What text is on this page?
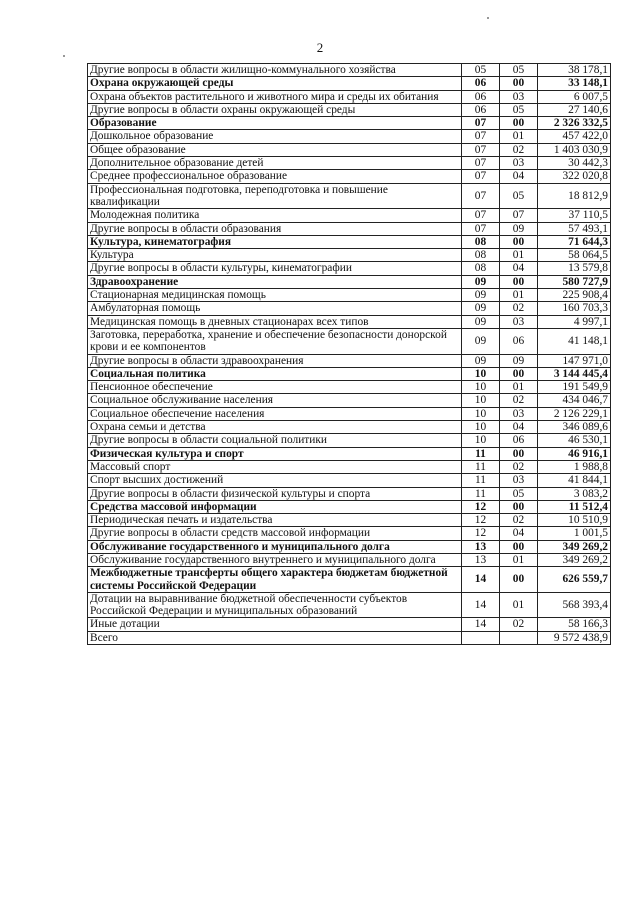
2
Другие вопросы в области жилищно-коммунального хозяйства	05	05	38 178,1
Охрана окружающей среды	06	00	33 148,1
Охрана объектов растительного и животного мира и среды их обитания	06	03	6 007,5
Другие вопросы в области охраны окружающей среды	06	05	27 140,6
Образование	07	00	2 326 332,5
Дошкольное образование	07	01	457 422,0
Общее образование	07	02	1 403 030,9
Дополнительное образование детей	07	03	30 442,3
Среднее профессиональное образование	07	04	322 020,8
Профессиональная подготовка, переподготовка и повышение квалификации	07	05	18 812,9
Молодежная политика	07	07	37 110,5
Другие вопросы в области образования	07	09	57 493,1
Культура, кинематография	08	00	71 644,3
Культура	08	01	58 064,5
Другие вопросы в области культуры, кинематографии	08	04	13 579,8
Здравоохранение	09	00	580 727,9
Стационарная медицинская помощь	09	01	225 908,4
Амбулаторная помощь	09	02	160 703,3
Медицинская помощь в дневных стационарах всех типов	09	03	4 997,1
Заготовка, переработка, хранение и обеспечение безопасности донорской крови и ее компонентов	09	06	41 148,1
Другие вопросы в области здравоохранения	09	09	147 971,0
Социальная политика	10	00	3 144 445,4
Пенсионное обеспечение	10	01	191 549,9
Социальное обслуживание населения	10	02	434 046,7
Социальное обеспечение населения	10	03	2 126 229,1
Охрана семьи и детства	10	04	346 089,6
Другие вопросы в области социальной политики	10	06	46 530,1
Физическая культура и спорт	11	00	46 916,1
Массовый спорт	11	02	1 988,8
Спорт высших достижений	11	03	41 844,1
Другие вопросы в области физической культуры и спорта	11	05	3 083,2
Средства массовой информации	12	00	11 512,4
Периодическая печать и издательства	12	02	10 510,9
Другие вопросы в области средств массовой информации	12	04	1 001,5
Обслуживание государственного и муниципального долга	13	00	349 269,2
Обслуживание государственного внутреннего и муниципального долга	13	01	349 269,2
Межбюджетные трансферты общего характера бюджетам бюджетной системы Российской Федерации	14	00	626 559,7
Дотации на выравнивание бюджетной обеспеченности субъектов Российской Федерации и муниципальных образований	14	01	568 393,4
Иные дотации	14	02	58 166,3
Всего			9 572 438,9
